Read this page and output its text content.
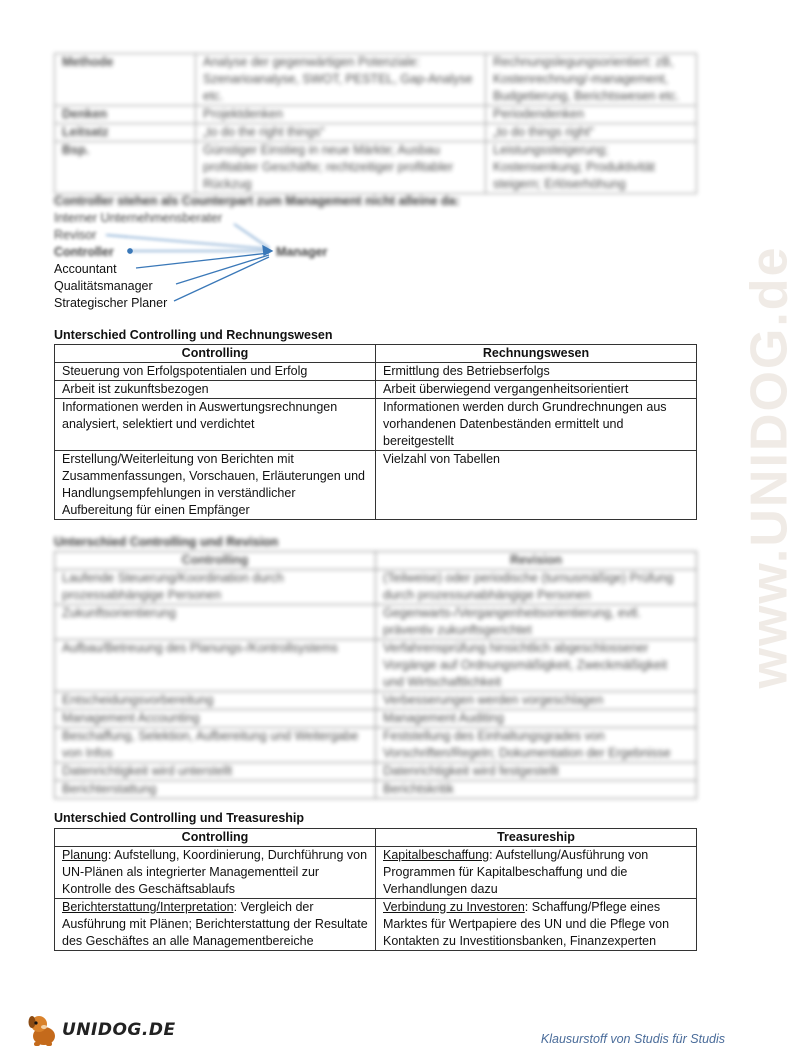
www.UNIDOG.de
Methode	Analyse der gegenwärtigen Potenziale: Szenarioanalyse, SWOT, PESTEL, Gap-Analyse etc.	Rechnungslegungsorientiert: zB, Kostenrechnung/-management, Budgetierung, Berichtswesen etc.
Denken	Projektdenken	Periodendenken
Leitsatz	„to do the right things“	„to do things right“
Bsp.	Günstiger Einstieg in neue Märkte; Ausbau profitabler Geschäfte; rechtzeitiger profitabler Rückzug	Leistungssteigerung; Kostensenkung; Produktivität steigern; Erlöserhöhung
Controller stehen als Counterpart zum Management nicht alleine da:
Interner Unternehmensberater
Revisor
Controller
Accountant
Qualitätsmanager
Strategischer Planer
Manager
Unterschied Controlling und Rechnungswesen
Controlling	Rechnungswesen
Steuerung von Erfolgspotentialen und Erfolg	Ermittlung des Betriebserfolgs
Arbeit ist zukunftsbezogen	Arbeit überwiegend vergangenheitsorientiert
Informationen werden in Auswertungsrechnungen analysiert, selektiert und verdichtet	Informationen werden durch Grundrechnungen aus vorhandenen Datenbeständen ermittelt und bereitgestellt
Erstellung/Weiterleitung von Berichten mit Zusammenfassungen, Vorschauen, Erläuterungen und Handlungsempfehlungen in verständlicher Aufbereitung für einen Empfänger	Vielzahl von Tabellen
Unterschied Controlling und Revision
Controlling	Revision
Laufende Steuerung/Koordination durch prozessabhängige Personen	(Teilweise) oder periodische (turnusmäßige) Prüfung durch prozessunabhängige Personen
Zukunftsorientierung	Gegenwarts-/Vergangenheitsorientierung, evtl. präventiv zukunftsgerichtet
Aufbau/Betreuung des Planungs-/Kontrollsystems	Verfahrensprüfung hinsichtlich abgeschlossener Vorgänge auf Ordnungsmäßigkeit, Zweckmäßigkeit und Wirtschaftlichkeit
Entscheidungsvorbereitung	Verbesserungen werden vorgeschlagen
Management Accounting	Management Auditing
Beschaffung, Selektion, Aufbereitung und Weitergabe von Infos	Feststellung des Einhaltungsgrades von Vorschriften/Regeln; Dokumentation der Ergebnisse
Datenrichtigkeit wird unterstellt	Datenrichtigkeit wird festgestellt
Berichterstattung	Berichtskritik
Unterschied Controlling und Treasureship
Controlling	Treasureship
Planung: Aufstellung, Koordinierung, Durchführung von UN-Plänen als integrierter Managementteil zur Kontrolle des Geschäftsablaufs	Kapitalbeschaffung: Aufstellung/Ausführung von Programmen für Kapitalbeschaffung und die Verhandlungen dazu
Berichterstattung/Interpretation: Vergleich der Ausführung mit Plänen; Berichterstattung der Resultate des Geschäftes an alle Managementbereiche	Verbindung zu Investoren: Schaffung/Pflege eines Marktes für Wertpapiere des UN und die Pflege von Kontakten zu Investitionsbanken, Finanzexperten
UNIDOG.DE	Klausurstoff von Studis für Studis
